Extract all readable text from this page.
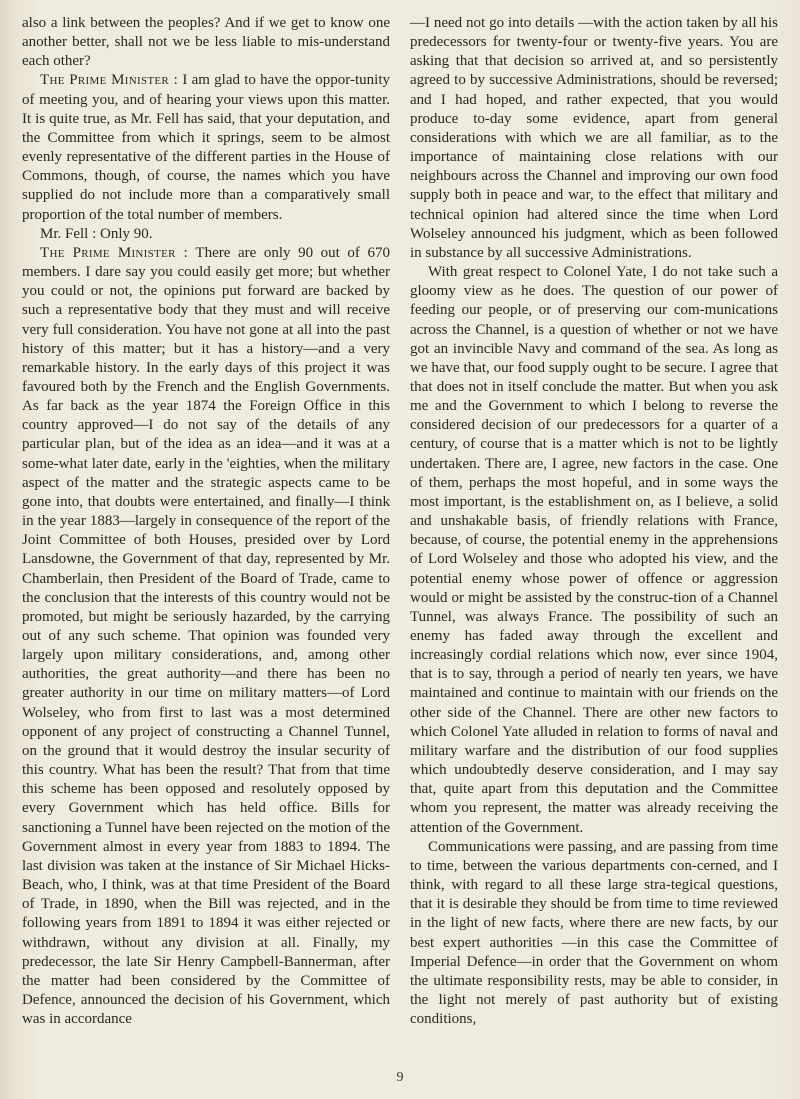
also a link between the peoples? And if we get to know one another better, shall not we be less liable to mis-understand each other?

The Prime Minister : I am glad to have the oppor-tunity of meeting you, and of hearing your views upon this matter. It is quite true, as Mr. Fell has said, that your deputation, and the Committee from which it springs, seem to be almost evenly representative of the different parties in the House of Commons, though, of course, the names which you have supplied do not include more than a comparatively small proportion of the total number of members.

Mr. Fell : Only 90.

The Prime Minister : There are only 90 out of 670 members. I dare say you could easily get more; but whether you could or not, the opinions put forward are backed by such a representative body that they must and will receive very full consideration. You have not gone at all into the past history of this matter; but it has a history—and a very remarkable history. In the early days of this project it was favoured both by the French and the English Governments. As far back as the year 1874 the Foreign Office in this country approved—I do not say of the details of any particular plan, but of the idea as an idea—and it was at a some-what later date, early in the 'eighties, when the military aspect of the matter and the strategic aspects came to be gone into, that doubts were entertained, and finally—I think in the year 1883—largely in consequence of the report of the Joint Committee of both Houses, presided over by Lord Lansdowne, the Government of that day, represented by Mr. Chamberlain, then President of the Board of Trade, came to the conclusion that the interests of this country would not be promoted, but might be seriously hazarded, by the carrying out of any such scheme. That opinion was founded very largely upon military considerations, and, among other authorities, the great authority—and there has been no greater authority in our time on military matters—of Lord Wolseley, who from first to last was a most determined opponent of any project of constructing a Channel Tunnel, on the ground that it would destroy the insular security of this country. What has been the result? That from that time this scheme has been opposed and resolutely opposed by every Government which has held office. Bills for sanctioning a Tunnel have been rejected on the motion of the Government almost in every year from 1883 to 1894. The last division was taken at the instance of Sir Michael Hicks-Beach, who, I think, was at that time President of the Board of Trade, in 1890, when the Bill was rejected, and in the following years from 1891 to 1894 it was either rejected or withdrawn, without any division at all. Finally, my predecessor, the late Sir Henry Campbell-Bannerman, after the matter had been considered by the Committee of Defence, announced the decision of his Government, which was in accordance

—I need not go into details —with the action taken by all his predecessors for twenty-four or twenty-five years. You are asking that that decision so arrived at, and so persistently agreed to by successive Administrations, should be reversed; and I had hoped, and rather expected, that you would produce to-day some evidence, apart from general considerations with which we are all familiar, as to the importance of maintaining close relations with our neighbours across the Channel and improving our own food supply both in peace and war, to the effect that military and technical opinion had altered since the time when Lord Wolseley announced his judgment, which as been followed in substance by all successive Administrations.

With great respect to Colonel Yate, I do not take such a gloomy view as he does. The question of our power of feeding our people, or of preserving our com-munications across the Channel, is a question of whether or not we have got an invincible Navy and command of the sea. As long as we have that, our food supply ought to be secure. I agree that that does not in itself conclude the matter. But when you ask me and the Government to which I belong to reverse the considered decision of our predecessors for a quarter of a century, of course that is a matter which is not to be lightly undertaken. There are, I agree, new factors in the case. One of them, perhaps the most hopeful, and in some ways the most important, is the establishment on, as I believe, a solid and unshakable basis, of friendly relations with France, because, of course, the potential enemy in the apprehensions of Lord Wolseley and those who adopted his view, and the potential enemy whose power of offence or aggression would or might be assisted by the construc-tion of a Channel Tunnel, was always France. The possibility of such an enemy has faded away through the excellent and increasingly cordial relations which now, ever since 1904, that is to say, through a period of nearly ten years, we have maintained and continue to maintain with our friends on the other side of the Channel. There are other new factors to which Colonel Yate alluded in relation to forms of naval and military warfare and the distribution of our food supplies which undoubtedly deserve consideration, and I may say that, quite apart from this deputation and the Committee whom you represent, the matter was already receiving the attention of the Government.

Communications were passing, and are passing from time to time, between the various departments con-cerned, and I think, with regard to all these large stra-tegical questions, that it is desirable they should be from time to time reviewed in the light of new facts, where there are new facts, by our best expert authorities —in this case the Committee of Imperial Defence—in order that the Government on whom the ultimate responsibility rests, may be able to consider, in the light not merely of past authority but of existing conditions,

9
